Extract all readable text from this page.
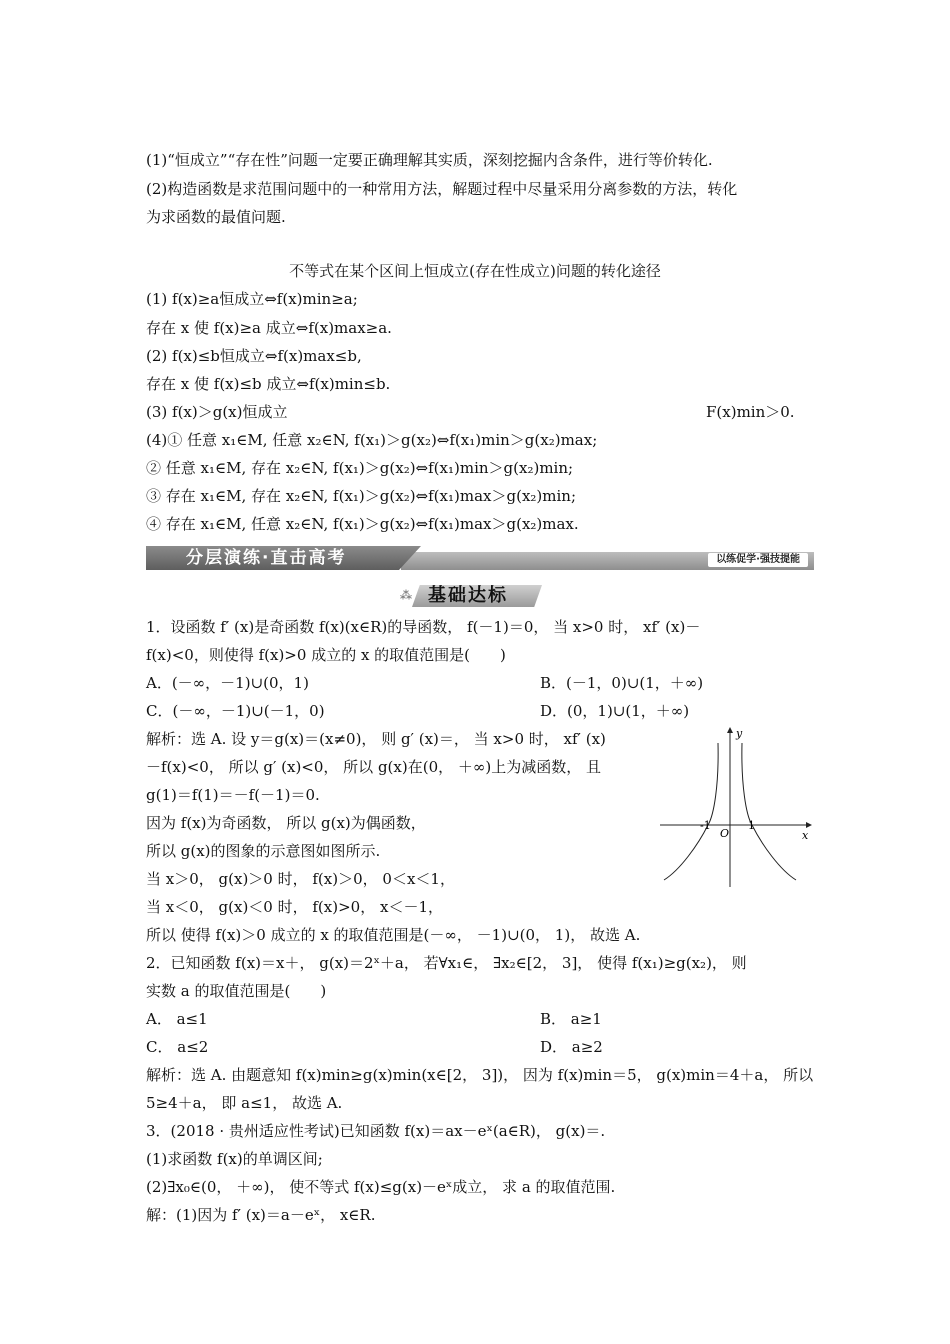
(1)“恒成立”“存在性”问题一定要正确理解其实质，深刻挖掘内含条件，进行等价转化.
(2)构造函数是求范围问题中的一种常用方法，解题过程中尽量采用分离参数的方法，转化
为求函数的最值问题.
不等式在某个区间上恒成立(存在性成立)问题的转化途径
(1) f(x)≥a恒成立⇔f(x)min≥a;
存在 x 使 f(x)≥a 成立⇔f(x)max≥a.
(2) f(x)≤b恒成立⇔f(x)max≤b,
存在 x 使 f(x)≤b 成立⇔f(x)min≤b.
(3) f(x)＞g(x)恒成立	F(x)min＞0.
(4)① 任意 x₁∈M, 任意 x₂∈N, f(x₁)＞g(x₂)⇔f(x₁)min＞g(x₂)max;
② 任意 x₁∈M, 存在 x₂∈N, f(x₁)＞g(x₂)⇔f(x₁)min＞g(x₂)min;
③ 存在 x₁∈M, 存在 x₂∈N, f(x₁)＞g(x₂)⇔f(x₁)max＞g(x₂)min;
④ 存在 x₁∈M, 任意 x₂∈N, f(x₁)＞g(x₂)⇔f(x₁)max＞g(x₂)max.
分层演练·直击高考	以练促学·强技提能
⁂ 基础达标
1．设函数 f′ (x)是奇函数 f(x)(x∈R)的导函数， f(－1)＝0， 当 x>0 时， xf′ (x)－
f(x)<0，则使得 f(x)>0 成立的 x 的取值范围是(　　)
A．(－∞，－1)∪(0，1)	B．(－1，0)∪(1，＋∞)
C．(－∞，－1)∪(－1，0)	D．(0，1)∪(1，＋∞)
解析：选 A. 设 y＝g(x)＝(x≠0)， 则 g′ (x)＝， 当 x>0 时， xf′ (x)
－f(x)<0， 所以 g′ (x)<0， 所以 g(x)在(0， ＋∞)上为减函数， 且
g(1)＝f(1)＝－f(－1)＝0.
因为 f(x)为奇函数， 所以 g(x)为偶函数，
所以 g(x)的图象的示意图如图所示.
当 x＞0， g(x)＞0 时， f(x)＞0， 0＜x＜1，
当 x＜0， g(x)＜0 时， f(x)>0， x＜－1，
所以 使得 f(x)＞0 成立的 x 的取值范围是(－∞， －1)∪(0， 1)， 故选 A.
y
x
O
-1	1
2．已知函数 f(x)＝x＋， g(x)＝2ˣ＋a， 若∀x₁∈， ∃x₂∈[2， 3]， 使得 f(x₁)≥g(x₂)， 则
实数 a 的取值范围是(　　)
A． a≤1	B． a≥1
C． a≤2	D． a≥2
解析：选 A. 由题意知 f(x)min≥g(x)min(x∈[2， 3])， 因为 f(x)min＝5， g(x)min＝4＋a， 所以
5≥4＋a， 即 a≤1， 故选 A.
3．(2018 · 贵州适应性考试)已知函数 f(x)＝ax－eˣ(a∈R)， g(x)＝.
(1)求函数 f(x)的单调区间;
(2)∃x₀∈(0， ＋∞)， 使不等式 f(x)≤g(x)－eˣ成立， 求 a 的取值范围.
解：(1)因为 f′ (x)＝a－eˣ， x∈R.
